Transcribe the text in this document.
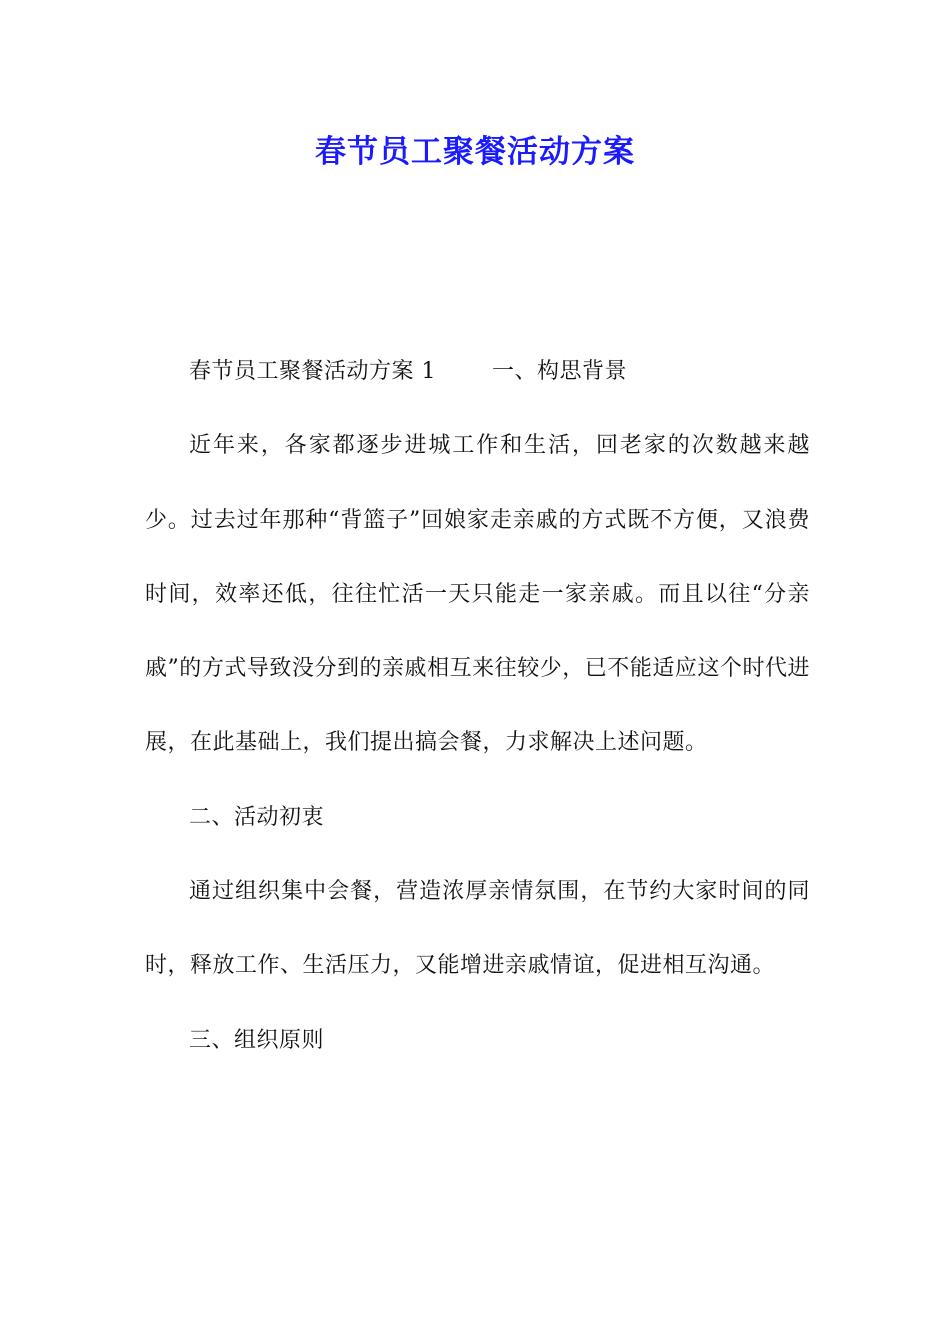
春节员工聚餐活动方案

春节员工聚餐活动方案 1	一、构思背景

近年来，各家都逐步进城工作和生活，回老家的次数越来越少。过去过年那种“背篮子”回娘家走亲戚的方式既不方便，又浪费时间，效率还低，往往忙活一天只能走一家亲戚。而且以往“分亲戚”的方式导致没分到的亲戚相互来往较少，已不能适应这个时代进展，在此基础上，我们提出搞会餐，力求解决上述问题。

二、活动初衷

通过组织集中会餐，营造浓厚亲情氛围，在节约大家时间的同时，释放工作、生活压力，又能增进亲戚情谊，促进相互沟通。

三、组织原则
